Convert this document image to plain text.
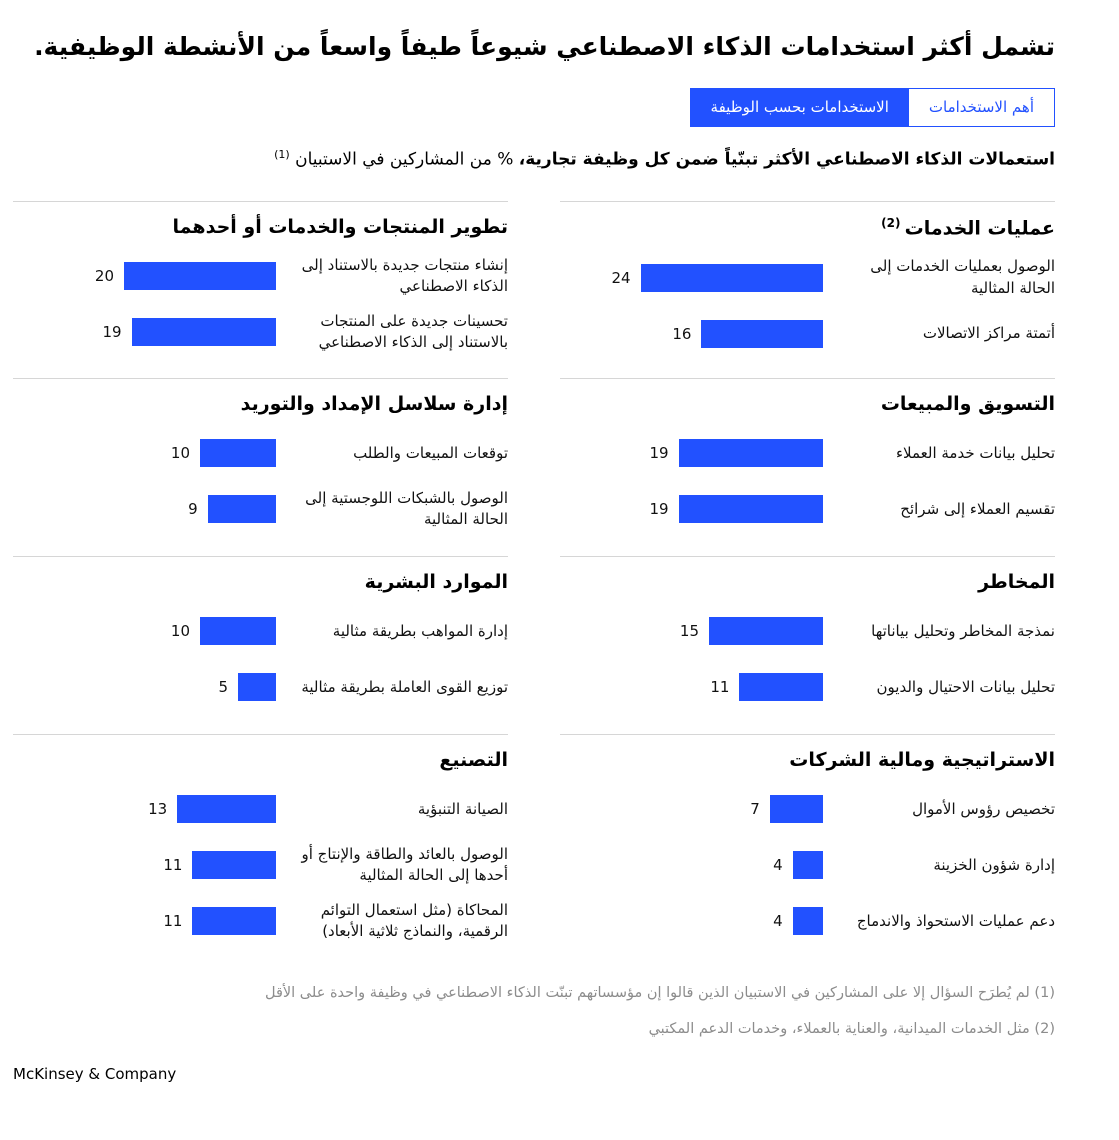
تشمل أكثر استخدامات الذكاء الاصطناعي شيوعاً طيفاً واسعاً من الأنشطة الوظيفية.
أهم الاستخدامات
الاستخدامات بحسب الوظيفة

استعمالات الذكاء الاصطناعي الأكثر تبنّياً ضمن كل وظيفة تجارية، % من المشاركين في الاستبيان $^{(1)}$

عمليات الخدمات $^{(2)}$
الوصول بعمليات الخدمات إلى الحالة المثالية
24
أتمتة مراكز الاتصالات
16
تطوير المنتجات والخدمات أو أحدهما
إنشاء منتجات جديدة بالاستناد إلى الذكاء الاصطناعي
20
تحسينات جديدة على المنتجات بالاستناد إلى الذكاء الاصطناعي
19
التسويق والمبيعات
تحليل بيانات خدمة العملاء
19
تقسيم العملاء إلى شرائح
19
إدارة سلاسل الإمداد والتوريد
توقعات المبيعات والطلب
10
الوصول بالشبكات اللوجستية إلى الحالة المثالية
9
المخاطر
نمذجة المخاطر وتحليل بياناتها
15
تحليل بيانات الاحتيال والديون
11
الموارد البشرية
إدارة المواهب بطريقة مثالية
10
توزيع القوى العاملة بطريقة مثالية
5
الاستراتيجية ومالية الشركات
تخصيص رؤوس الأموال
7
إدارة شؤون الخزينة
4
دعم عمليات الاستحواذ والاندماج
4
التصنيع
الصيانة التنبؤية
13
الوصول بالعائد والطاقة والإنتاج أو أحدها إلى الحالة المثالية
11
المحاكاة (مثل استعمال التوائم الرقمية، والنماذج ثلاثية الأبعاد)
11

(1) لم يُطرَح السؤال إلا على المشاركين في الاستبيان الذين قالوا إن مؤسساتهم تبنّت الذكاء الاصطناعي في وظيفة واحدة على الأقل

(2) مثل الخدمات الميدانية، والعناية بالعملاء، وخدمات الدعم المكتبي

McKinsey & Company
